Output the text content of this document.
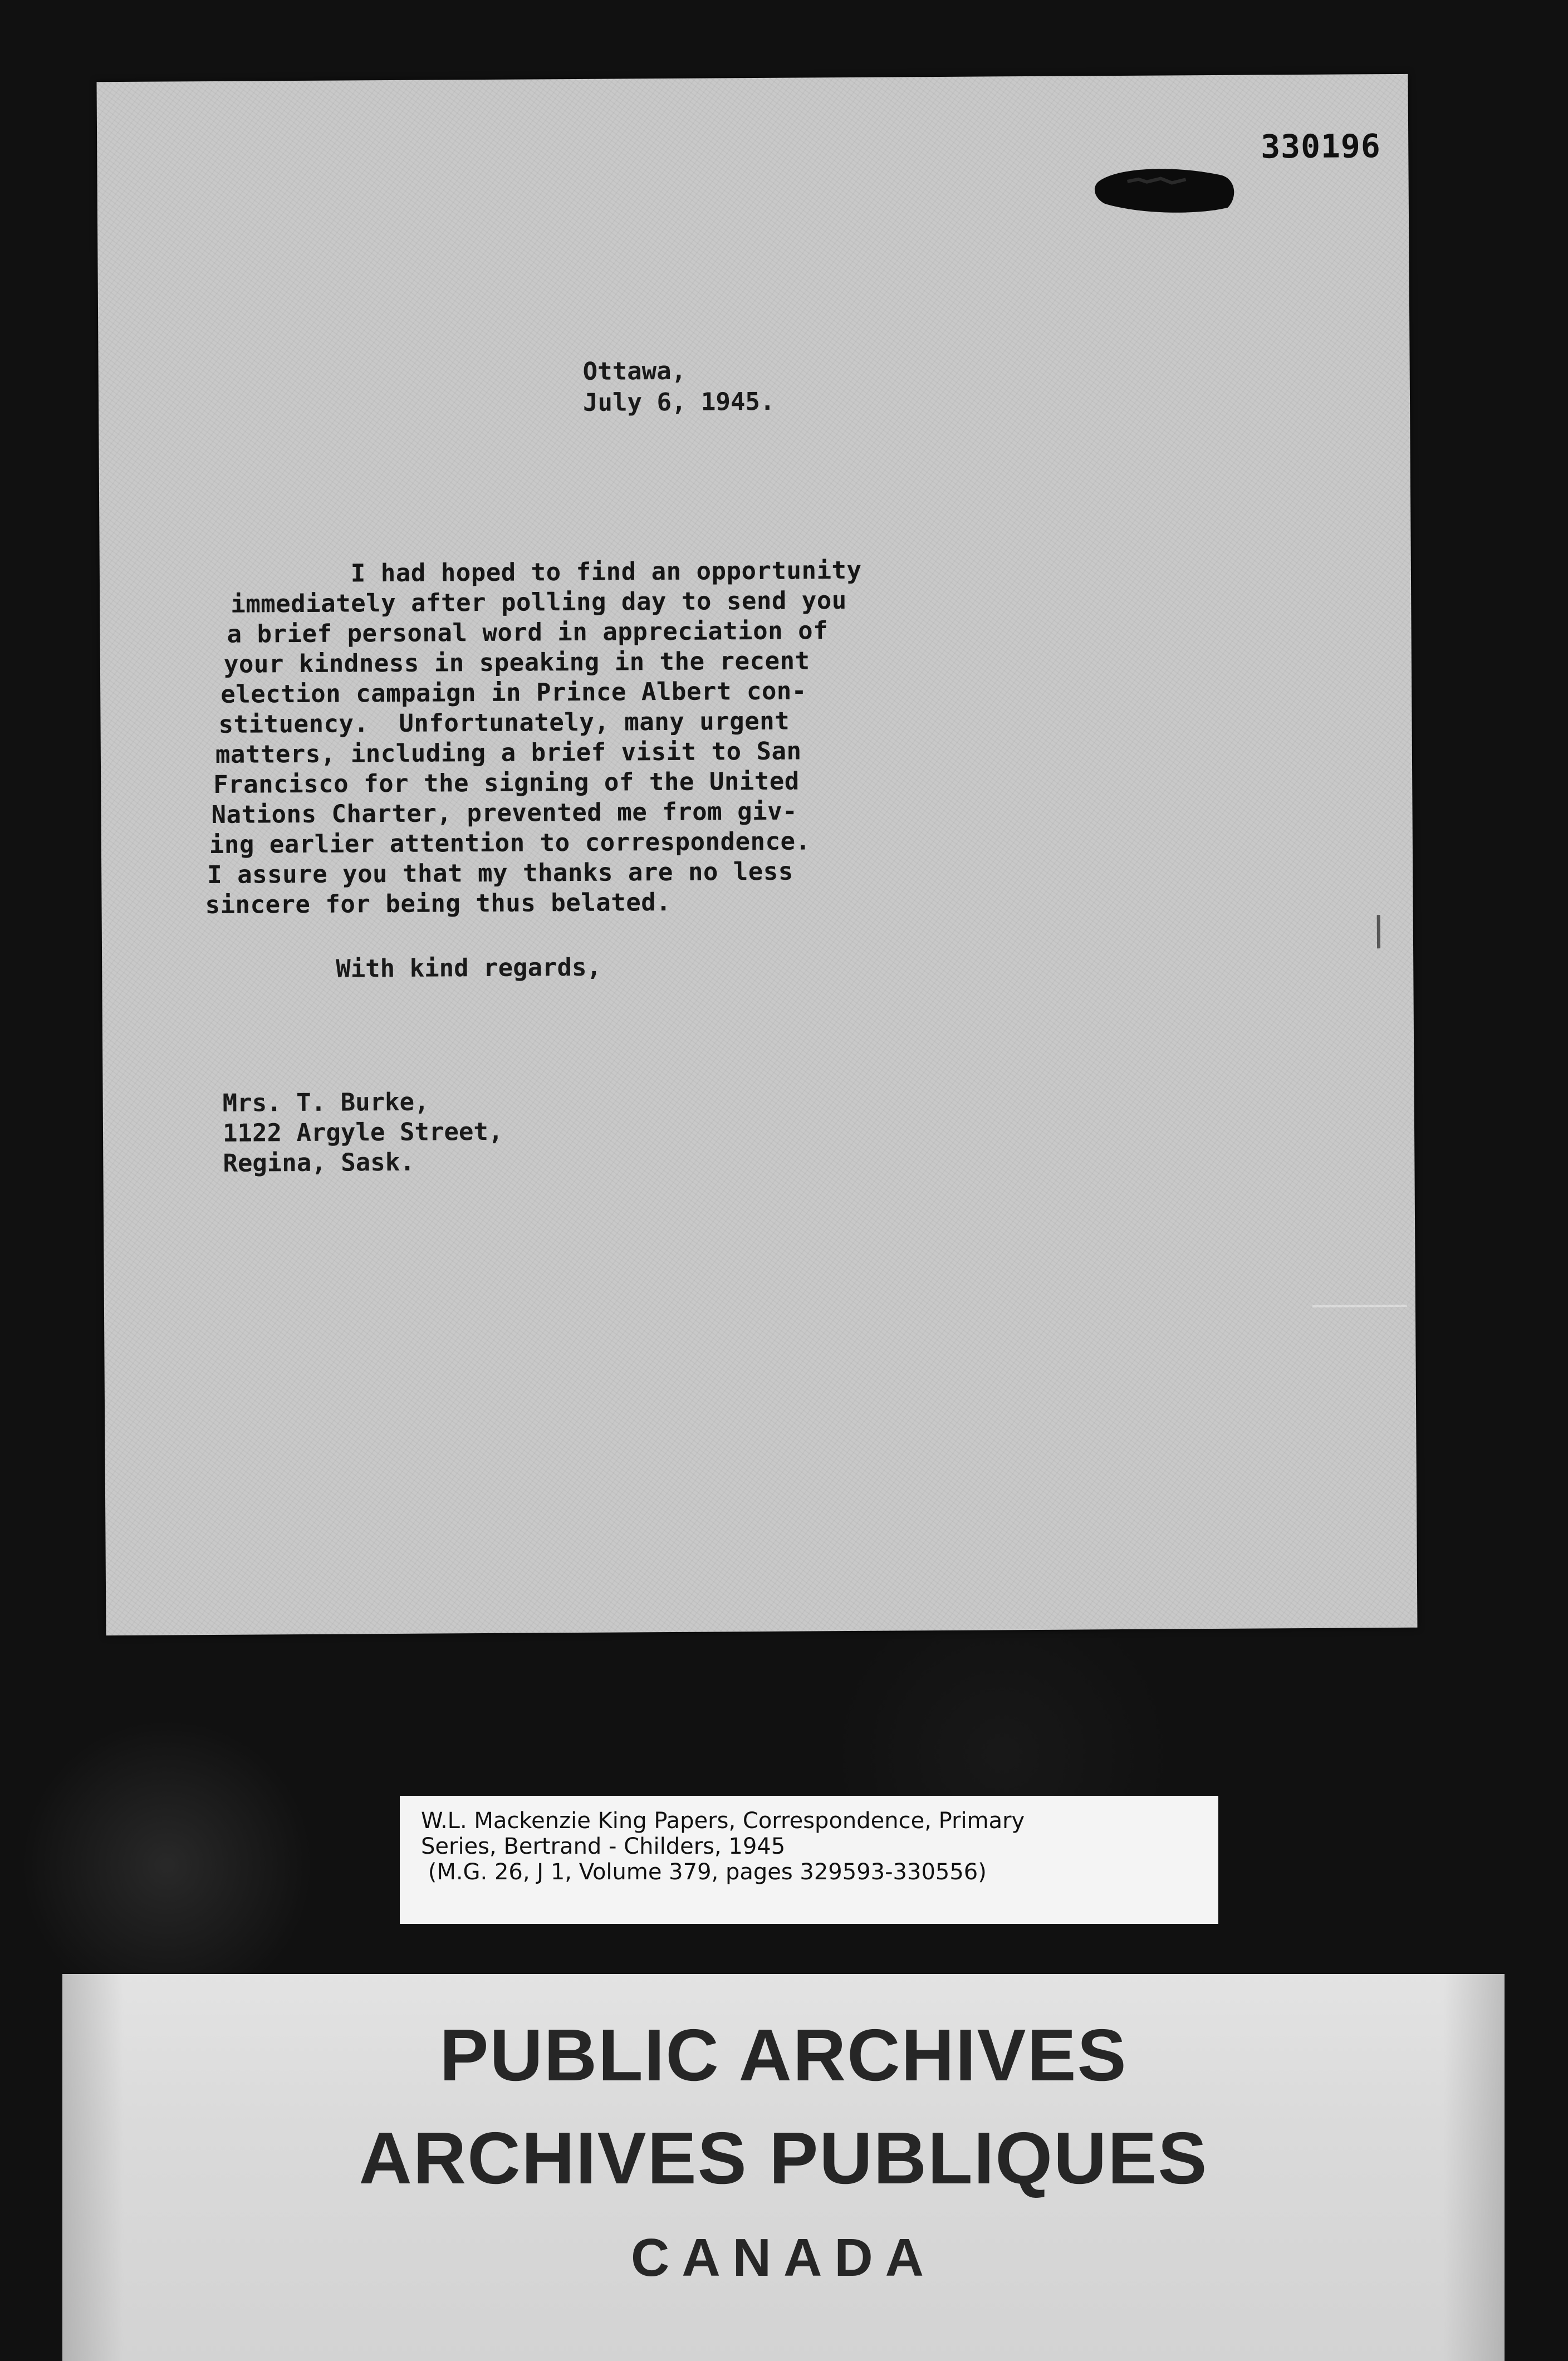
330196
Ottawa,
July 6, 1945.
I had hoped to find an opportunity
immediately after polling day to send you
a brief personal word in appreciation of
your kindness in speaking in the recent
election campaign in Prince Albert con-
stituency.  Unfortunately, many urgent
matters, including a brief visit to San
Francisco for the signing of the United
Nations Charter, prevented me from giv-
ing earlier attention to correspondence.
I assure you that my thanks are no less
sincere for being thus belated.
With kind regards,
Mrs. T. Burke,
1122 Argyle Street,
Regina, Sask.
W.L. Mackenzie King Papers, Correspondence, Primary
Series, Bertrand - Childers, 1945
(M.G. 26, J 1, Volume 379, pages 329593-330556)
PUBLIC ARCHIVES
ARCHIVES PUBLIQUES
CANADA
